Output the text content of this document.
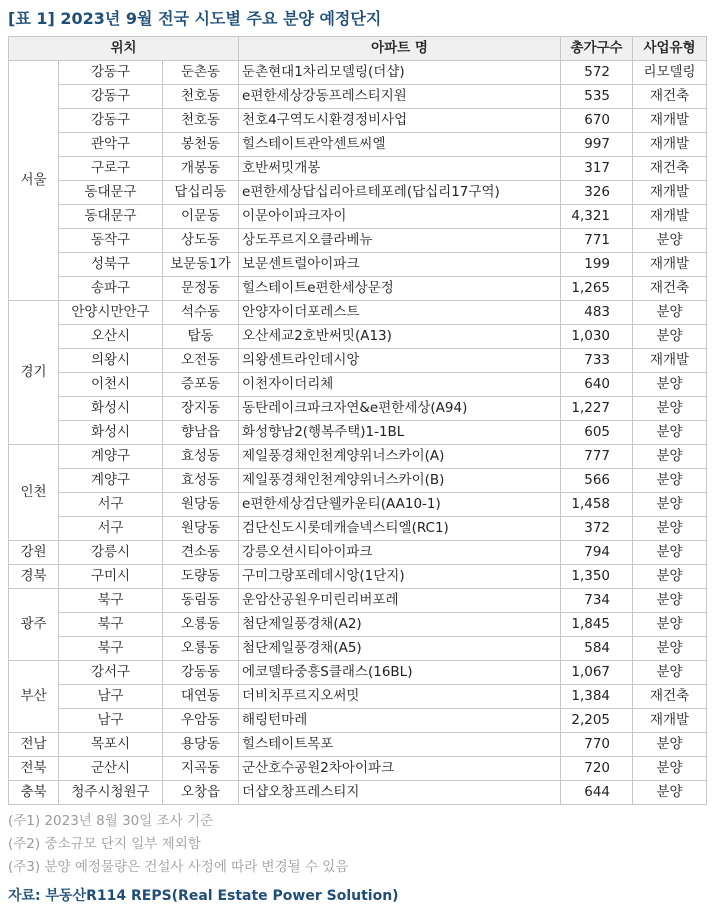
[표 1] 2023년 9월 전국 시도별 주요 분양 예정단지
위치			아파트 명	총가구수	사업유형
서울	강동구	둔촌동	둔촌현대1차리모델링(더샵)	572	리모델링
	강동구	천호동	e편한세상강동프레스티지원	535	재건축
	강동구	천호동	천호4구역도시환경정비사업	670	재개발
	관악구	봉천동	힐스테이트관악센트씨엘	997	재개발
	구로구	개봉동	호반써밋개봉	317	재건축
	동대문구	답십리동	e편한세상답십리아르테포레(답십리17구역)	326	재개발
	동대문구	이문동	이문아이파크자이	4,321	재개발
	동작구	상도동	상도푸르지오클라베뉴	771	분양
	성북구	보문동1가	보문센트럴아이파크	199	재개발
	송파구	문정동	힐스테이트e편한세상문정	1,265	재건축
경기	안양시만안구	석수동	안양자이더포레스트	483	분양
	오산시	탑동	오산세교2호반써밋(A13)	1,030	분양
	의왕시	오전동	의왕센트라인데시앙	733	재개발
	이천시	증포동	이천자이더리체	640	분양
	화성시	장지동	동탄레이크파크자연&e편한세상(A94)	1,227	분양
	화성시	향남읍	화성향남2(행복주택)1-1BL	605	분양
인천	계양구	효성동	제일풍경채인천계양위너스카이(A)	777	분양
	계양구	효성동	제일풍경채인천계양위너스카이(B)	566	분양
	서구	원당동	e편한세상검단웰카운티(AA10-1)	1,458	분양
	서구	원당동	검단신도시롯데캐슬넥스티엘(RC1)	372	분양
강원	강릉시	견소동	강릉오션시티아이파크	794	분양
경북	구미시	도량동	구미그랑포레데시앙(1단지)	1,350	분양
광주	북구	동림동	운암산공원우미린리버포레	734	분양
	북구	오룡동	첨단제일풍경채(A2)	1,845	분양
	북구	오룡동	첨단제일풍경채(A5)	584	분양
부산	강서구	강동동	에코델타중흥S클래스(16BL)	1,067	분양
	남구	대연동	더비치푸르지오써밋	1,384	재건축
	남구	우암동	해링턴마레	2,205	재개발
전남	목포시	용당동	힐스테이트목포	770	분양
전북	군산시	지곡동	군산호수공원2차아이파크	720	분양
충북	청주시청원구	오창읍	더샵오창프레스티지	644	분양
(주1) 2023년 8월 30일 조사 기준
(주2) 중소규모 단지 일부 제외함
(주3) 분양 예정물량은 건설사 사정에 따라 변경될 수 있음
자료: 부동산R114 REPS(Real Estate Power Solution)
